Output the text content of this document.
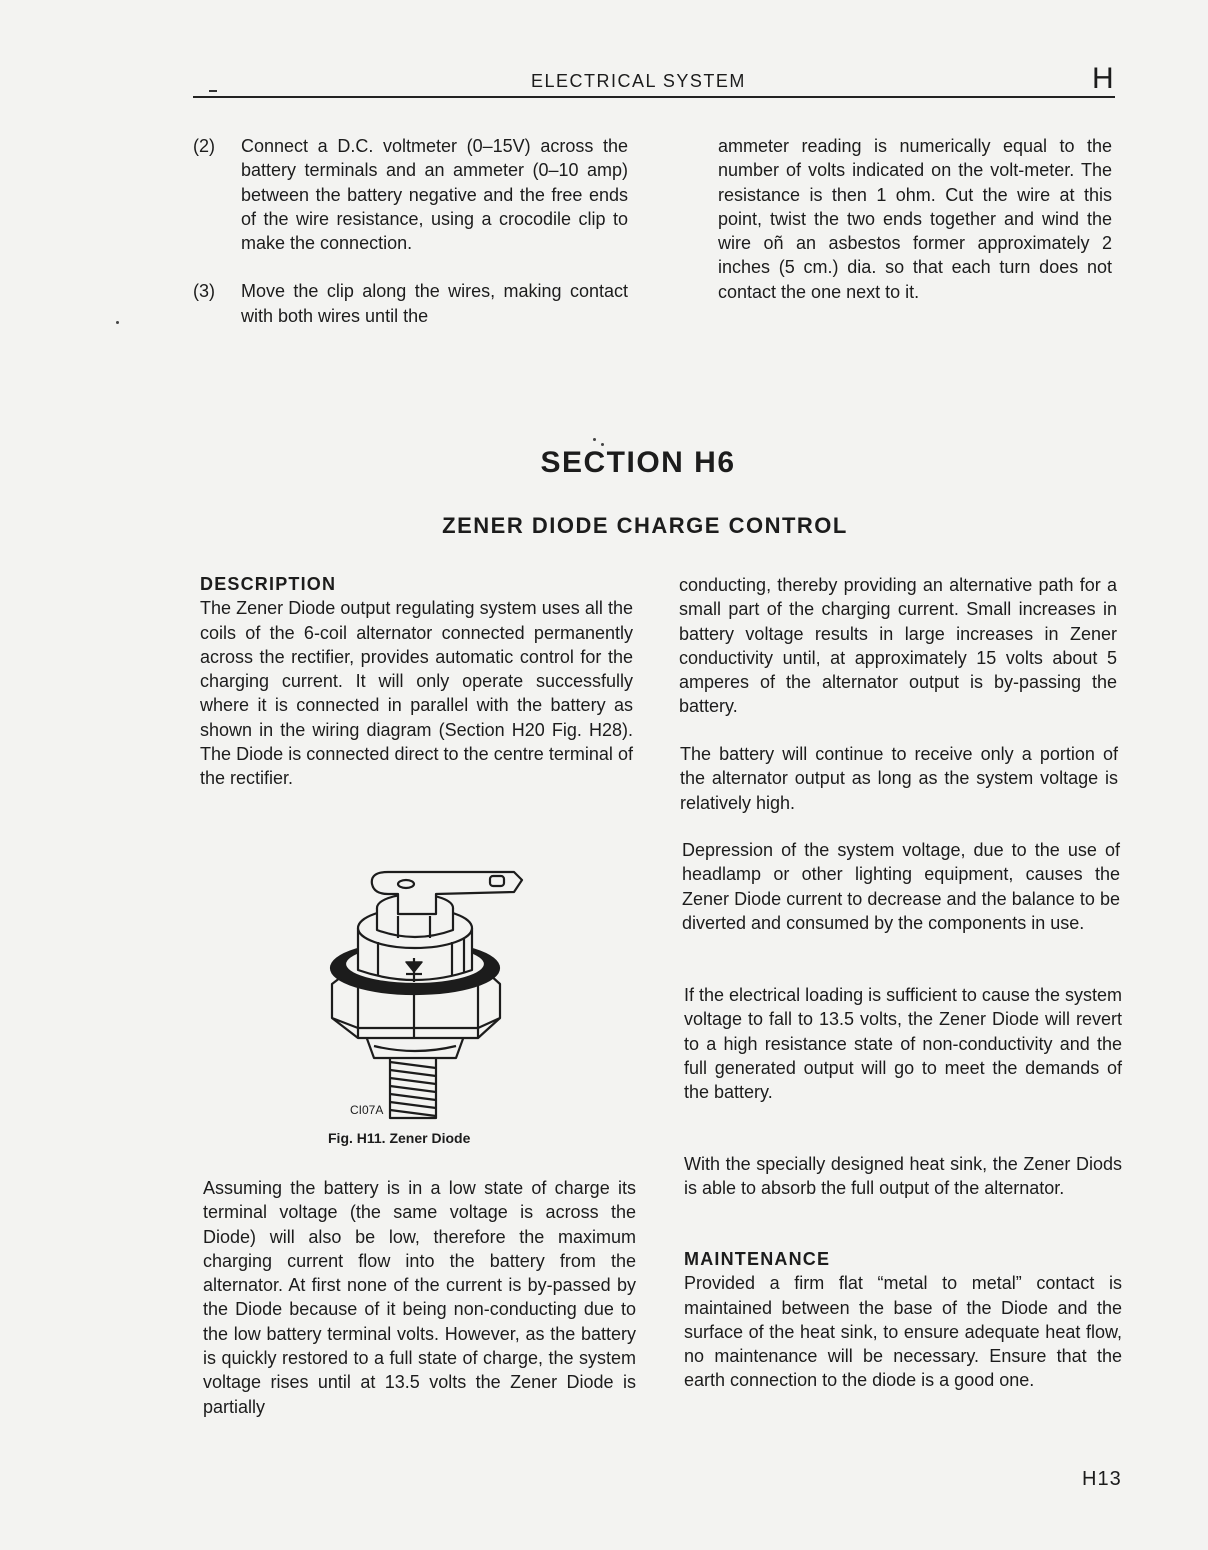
ELECTRICAL SYSTEM	H
(2) Connect a D.C. voltmeter (0–15V) across the battery terminals and an ammeter (0–10 amp) between the battery negative and the free ends of the wire resistance, using a crocodile clip to make the connection.

(3) Move the clip along the wires, making contact with both wires until the

ammeter reading is numerically equal to the number of volts indicated on the volt-meter. The resistance is then 1 ohm. Cut the wire at this point, twist the two ends together and wind the wire oñ an asbestos former approximately 2 inches (5 cm.) dia. so that each turn does not contact the one next to it.

SECTION H6
ZENER DIODE CHARGE CONTROL

DESCRIPTION

The Zener Diode output regulating system uses all the coils of the 6-coil alternator connected permanently across the rectifier, provides automatic control for the charging current. It will only operate successfully where it is connected in parallel with the battery as shown in the wiring diagram (Section H20 Fig. H28). The Diode is connected direct to the centre terminal of the rectifier.

CI07A
Fig. H11. Zener Diode

Assuming the battery is in a low state of charge its terminal voltage (the same voltage is across the Diode) will also be low, therefore the maximum charging current flow into the battery from the alternator. At first none of the current is by-passed by the Diode because of it being non-conducting due to the low battery terminal volts. However, as the battery is quickly restored to a full state of charge, the system voltage rises until at 13.5 volts the Zener Diode is partially

conducting, thereby providing an alternative path for a small part of the charging current. Small increases in battery voltage results in large increases in Zener conductivity until, at approximately 15 volts about 5 amperes of the alternator output is by-passing the battery.

The battery will continue to receive only a portion of the alternator output as long as the system voltage is relatively high.

Depression of the system voltage, due to the use of headlamp or other lighting equipment, causes the Zener Diode current to decrease and the balance to be diverted and consumed by the components in use.

If the electrical loading is sufficient to cause the system voltage to fall to 13.5 volts, the Zener Diode will revert to a high resistance state of non-conductivity and the full generated output will go to meet the demands of the battery.

With the specially designed heat sink, the Zener Diods is able to absorb the full output of the alternator.

MAINTENANCE

Provided a firm flat “metal to metal” contact is maintained between the base of the Diode and the surface of the heat sink, to ensure adequate heat flow, no maintenance will be necessary. Ensure that the earth connection to the diode is a good one.

H13
